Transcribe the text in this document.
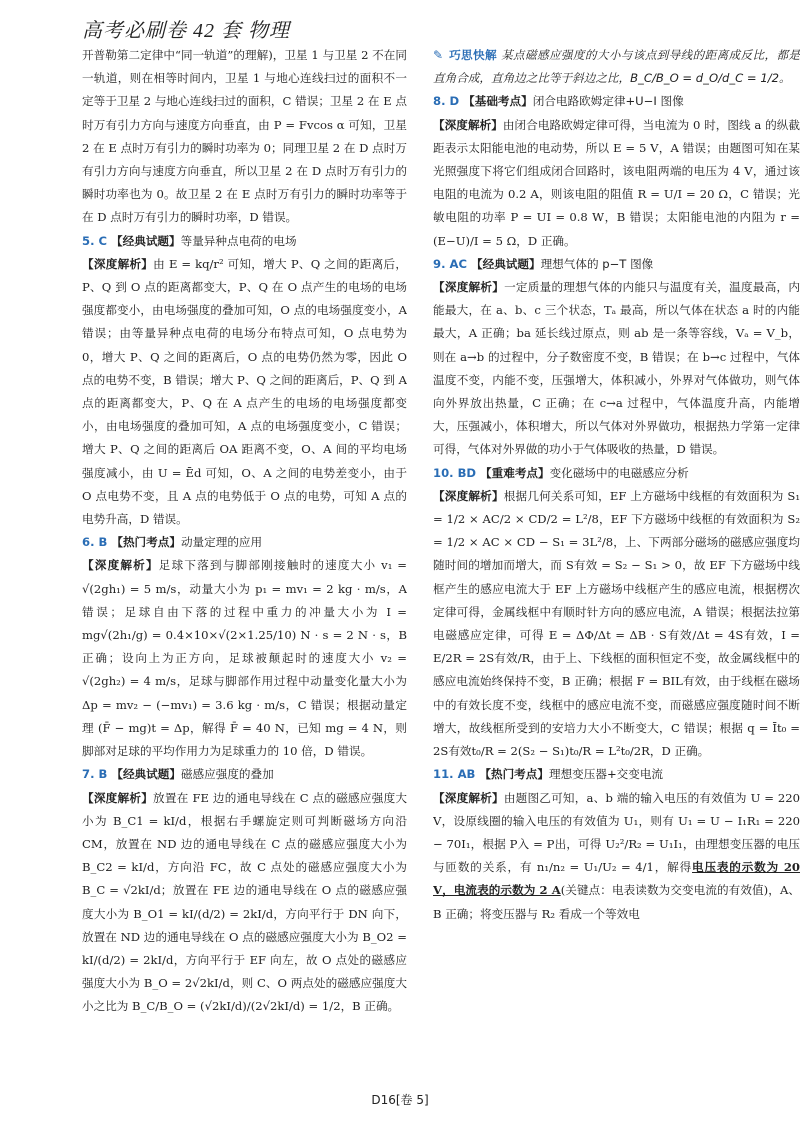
高考必刷卷 42 套 物理

开普勒第二定律中“同一轨道”的理解)，卫星 1 与卫星 2 不在同一轨道，则在相等时间内，卫星 1 与地心连线扫过的面积不一定等于卫星 2 与地心连线扫过的面积，C 错误；卫星 2 在 E 点时万有引力方向与速度方向垂直，由 P = Fvcos α 可知，卫星 2 在 E 点时万有引力的瞬时功率为 0；同理卫星 2 在 D 点时万有引力方向与速度方向垂直，所以卫星 2 在 D 点时万有引力的瞬时功率也为 0。故卫星 2 在 E 点时万有引力的瞬时功率等于在 D 点时万有引力的瞬时功率，D 错误。

5. C 【经典试题】等量异种点电荷的电场

【深度解析】由 E = kq/r² 可知，增大 P、Q 之间的距离后，P、Q 到 O 点的距离都变大，P、Q 在 O 点产生的电场的电场强度都变小，由电场强度的叠加可知，O 点的电场强度变小，A 错误；由等量异种点电荷的电场分布特点可知，O 点电势为 0，增大 P、Q 之间的距离后，O 点的电势仍然为零，因此 O 点的电势不变，B 错误；增大 P、Q 之间的距离后，P、Q 到 A 点的距离都变大，P、Q 在 A 点产生的电场的电场强度都变小，由电场强度的叠加可知，A 点的电场强度变小，C 错误；增大 P、Q 之间的距离后 OA 距离不变，O、A 间的平均电场强度减小，由 U = Ēd 可知，O、A 之间的电势差变小，由于 O 点电势不变，且 A 点的电势低于 O 点的电势，可知 A 点的电势升高，D 错误。

6. B 【热门考点】动量定理的应用

【深度解析】足球下落到与脚部刚接触时的速度大小 v₁ = √(2gh₁) = 5 m/s，动量大小为 p₁ = mv₁ = 2 kg · m/s，A 错误；足球自由下落的过程中重力的冲量大小为 I = mg√(2h₁/g) = 0.4×10×√(2×1.25/10) N · s = 2 N · s，B 正确；设向上为正方向，足球被颠起时的速度大小 v₂ = √(2gh₂) = 4 m/s，足球与脚部作用过程中动量变化量大小为 Δp = mv₂ − (−mv₁) = 3.6 kg · m/s，C 错误；根据动量定理 (F̄ − mg)t = Δp，解得 F̄ = 40 N，已知 mg = 4 N，则脚部对足球的平均作用力为足球重力的 10 倍，D 错误。

7. B 【经典试题】磁感应强度的叠加

【深度解析】放置在 FE 边的通电导线在 C 点的磁感应强度大小为 B_C1 = kI/d，根据右手螺旋定则可判断磁场方向沿 CM，放置在 ND 边的通电导线在 C 点的磁感应强度大小为 B_C2 = kI/d，方向沿 FC，故 C 点处的磁感应强度大小为 B_C = √2kI/d；放置在 FE 边的通电导线在 O 点的磁感应强度大小为 B_O1 = kI/(d/2) = 2kI/d，方向平行于 DN 向下，放置在 ND 边的通电导线在 O 点的磁感应强度大小为 B_O2 = kI/(d/2) = 2kI/d，方向平行于 EF 向左，故 O 点处的磁感应强度大小为 B_O = 2√2kI/d，则 C、O 两点处的磁感应强度大小之比为 B_C/B_O = (√2kI/d)/(2√2kI/d) = 1/2，B 正确。

✎ 巧思快解 某点磁感应强度的大小与该点到导线的距离成反比，都是直角合成，直角边之比等于斜边之比，B_C/B_O = d_O/d_C = 1/2。

8. D 【基础考点】闭合电路欧姆定律+U−I 图像

【深度解析】由闭合电路欧姆定律可得，当电流为 0 时，图线 a 的纵截距表示太阳能电池的电动势，所以 E = 5 V，A 错误；由题图可知在某光照强度下将它们组成闭合回路时，该电阻两端的电压为 4 V，通过该电阻的电流为 0.2 A，则该电阻的阻值 R = U/I = 20 Ω，C 错误；光敏电阻的功率 P = UI = 0.8 W，B 错误；太阳能电池的内阻为 r = (E−U)/I = 5 Ω，D 正确。

9. AC 【经典试题】理想气体的 p−T 图像

【深度解析】一定质量的理想气体的内能只与温度有关，温度最高，内能最大，在 a、b、c 三个状态，Tₐ 最高，所以气体在状态 a 时的内能最大，A 正确；ba 延长线过原点，则 ab 是一条等容线，Vₐ = V_b，则在 a→b 的过程中，分子数密度不变，B 错误；在 b→c 过程中，气体温度不变，内能不变，压强增大，体积减小，外界对气体做功，则气体向外界放出热量，C 正确；在 c→a 过程中，气体温度升高，内能增大，压强减小，体积增大，所以气体对外界做功，根据热力学第一定律可得，气体对外界做的功小于气体吸收的热量，D 错误。

10. BD 【重难考点】变化磁场中的电磁感应分析

【深度解析】根据几何关系可知，EF 上方磁场中线框的有效面积为 S₁ = 1/2 × AC/2 × CD/2 = L²/8，EF 下方磁场中线框的有效面积为 S₂ = 1/2 × AC × CD − S₁ = 3L²/8，上、下两部分磁场的磁感应强度均随时间的增加而增大，而 S有效 = S₂ − S₁ > 0，故 EF 下方磁场中线框产生的感应电流大于 EF 上方磁场中线框产生的感应电流，根据楞次定律可得，金属线框中有顺时针方向的感应电流，A 错误；根据法拉第电磁感应定律，可得 E = ΔΦ/Δt = ΔB · S有效/Δt = 4S有效，I = E/2R = 2S有效/R，由于上、下线框的面积恒定不变，故金属线框中的感应电流始终保持不变，B 正确；根据 F = BIL有效，由于线框在磁场中的有效长度不变，线框中的感应电流不变，而磁感应强度随时间不断增大，故线框所受到的安培力大小不断变大，C 错误；根据 q = Īt₀ = 2S有效t₀/R = 2(S₂ − S₁)t₀/R = L²t₀/2R，D 正确。

11. AB 【热门考点】理想变压器+交变电流

【深度解析】由题图乙可知，a、b 端的输入电压的有效值为 U = 220 V，设原线圈的输入电压的有效值为 U₁，则有 U₁ = U − I₁R₁ = 220 − 70I₁，根据 P入 = P出，可得 U₂²/R₂ = U₁I₁，由理想变压器的电压与匝数的关系，有 n₁/n₂ = U₁/U₂ = 4/1，解得电压表的示数为 20 V，电流表的示数为 2 A(关键点：电表读数为交变电流的有效值)，A、B 正确；将变压器与 R₂ 看成一个等效电

D16[卷 5]
